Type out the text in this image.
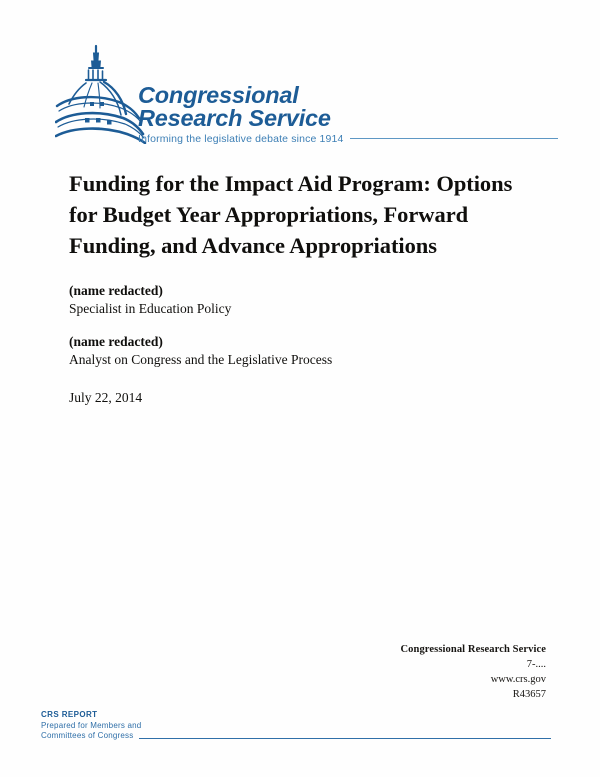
Congressional
Research Service
Informing the legislative debate since 1914
Funding for the Impact Aid Program: Options for Budget Year Appropriations, Forward Funding, and Advance Appropriations
(name redacted)
Specialist in Education Policy
(name redacted)
Analyst on Congress and the Legislative Process
July 22, 2014
Congressional Research Service
7-....
www.crs.gov
R43657
CRS REPORT
Prepared for Members and
Committees of Congress
